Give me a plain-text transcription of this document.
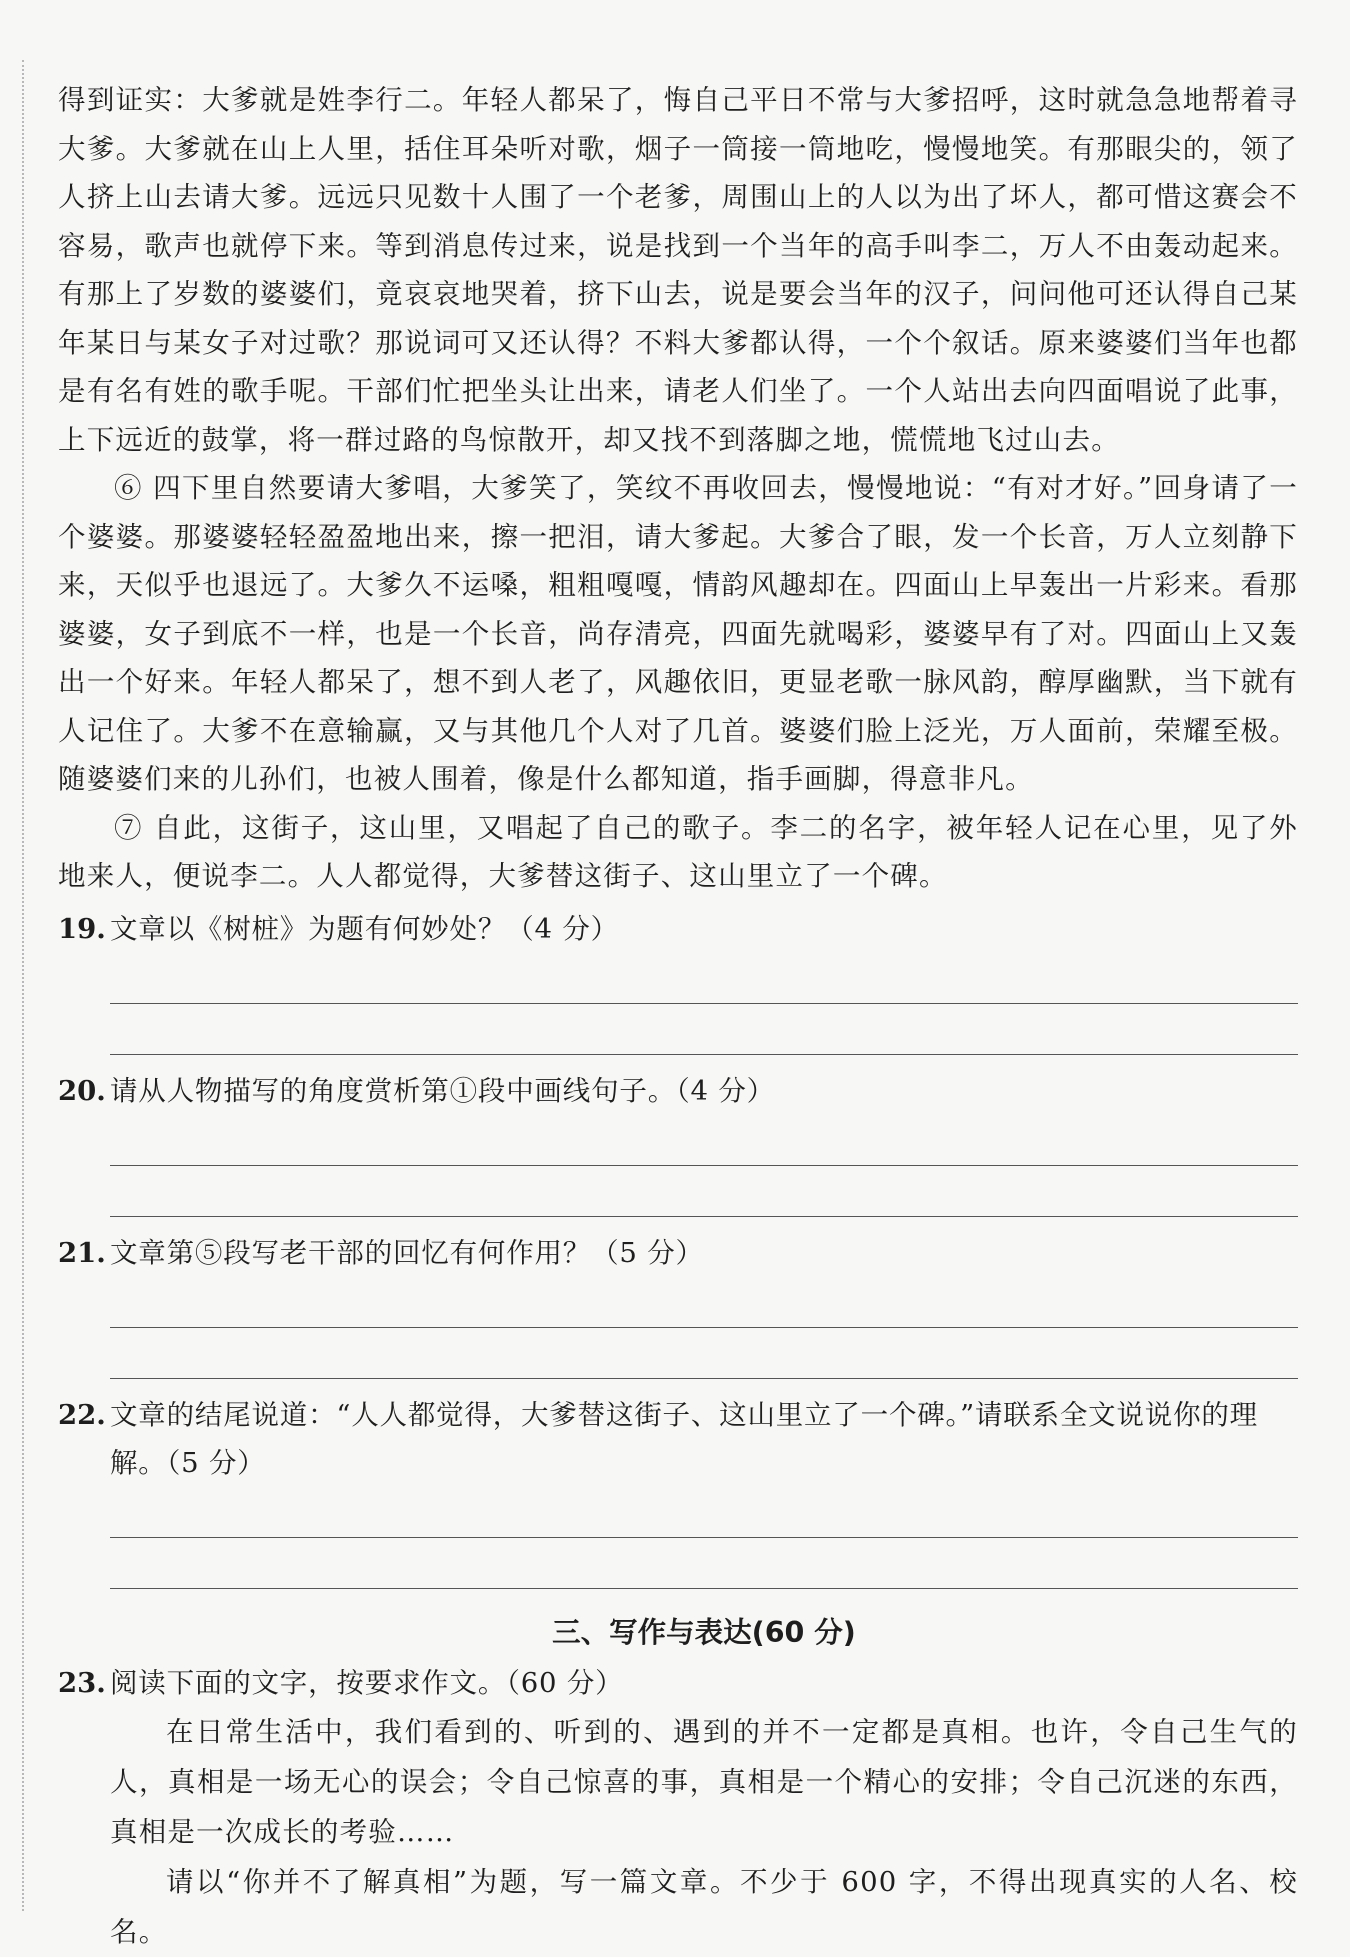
得到证实：大爹就是姓李行二。年轻人都呆了，悔自己平日不常与大爹招呼，这时就急急地帮着寻大爹。大爹就在山上人里，括住耳朵听对歌，烟子一筒接一筒地吃，慢慢地笑。有那眼尖的，领了人挤上山去请大爹。远远只见数十人围了一个老爹，周围山上的人以为出了坏人，都可惜这赛会不容易，歌声也就停下来。等到消息传过来，说是找到一个当年的高手叫李二，万人不由轰动起来。有那上了岁数的婆婆们，竟哀哀地哭着，挤下山去，说是要会当年的汉子，问问他可还认得自己某年某日与某女子对过歌？那说词可又还认得？不料大爹都认得，一个个叙话。原来婆婆们当年也都是有名有姓的歌手呢。干部们忙把坐头让出来，请老人们坐了。一个人站出去向四面唱说了此事，上下远近的鼓掌，将一群过路的鸟惊散开，却又找不到落脚之地，慌慌地飞过山去。

⑥ 四下里自然要请大爹唱，大爹笑了，笑纹不再收回去，慢慢地说：“有对才好。”回身请了一个婆婆。那婆婆轻轻盈盈地出来，擦一把泪，请大爹起。大爹合了眼，发一个长音，万人立刻静下来，天似乎也退远了。大爹久不运嗓，粗粗嘎嘎，情韵风趣却在。四面山上早轰出一片彩来。看那婆婆，女子到底不一样，也是一个长音，尚存清亮，四面先就喝彩，婆婆早有了对。四面山上又轰出一个好来。年轻人都呆了，想不到人老了，风趣依旧，更显老歌一脉风韵，醇厚幽默，当下就有人记住了。大爹不在意输赢，又与其他几个人对了几首。婆婆们脸上泛光，万人面前，荣耀至极。随婆婆们来的儿孙们，也被人围着，像是什么都知道，指手画脚，得意非凡。

⑦ 自此，这街子，这山里，又唱起了自己的歌子。李二的名字，被年轻人记在心里，见了外地来人，便说李二。人人都觉得，大爹替这街子、这山里立了一个碑。

19. 文章以《树桩》为题有何妙处？（4 分）
20. 请从人物描写的角度赏析第①段中画线句子。（4 分）
21. 文章第⑤段写老干部的回忆有何作用？（5 分）
22. 文章的结尾说道：“人人都觉得，大爹替这街子、这山里立了一个碑。”请联系全文说说你的理解。（5 分）
三、写作与表达(60 分)
23. 阅读下面的文字，按要求作文。（60 分）

在日常生活中，我们看到的、听到的、遇到的并不一定都是真相。也许，令自己生气的人，真相是一场无心的误会；令自己惊喜的事，真相是一个精心的安排；令自己沉迷的东西，真相是一次成长的考验……

请以“你并不了解真相”为题，写一篇文章。不少于 600 字，不得出现真实的人名、校名。
